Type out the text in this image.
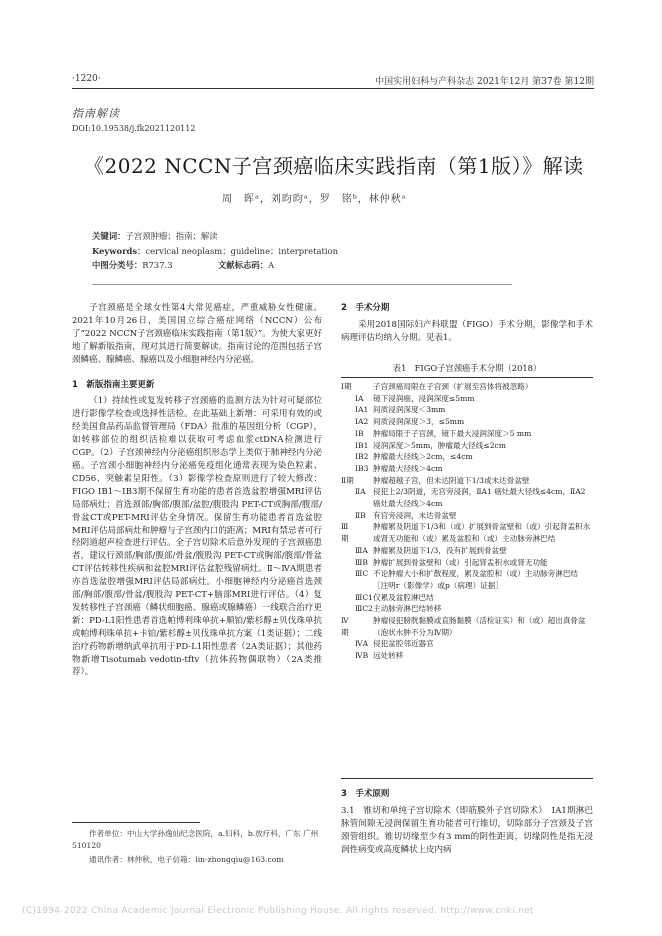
·1220·	中国实用妇科与产科杂志 2021年12月 第37卷 第12期
指南解读
DOI:10.19538/j.fk2021120112
《2022 NCCN子宫颈癌临床实践指南（第1版）》解读
周　晖ᵃ，刘昀昀ᵃ，罗　铭ᵇ，林仲秋ᵃ
关键词：子宫颈肿瘤；指南；解读
Keywords：cervical neoplasm；guideline；interpretation
中图分类号：R737.3	文献标志码：A

子宫颈癌是全球女性第4大常见癌症，严重威胁女性健康。2021年10月26日，美国国立综合癌症网络（NCCN）公布了“2022 NCCN子宫颈癌临床实践指南（第1版）”。为使大家更好地了解新版指南，现对其进行简要解读。指南讨论的范围包括子宫颈鳞癌、腺鳞癌、腺癌以及小细胞神经内分泌癌。

1　新版指南主要更新

（1）持续性或复发转移子宫颈癌的监测方法为针对可疑部位进行影像学检查或选择性活检。在此基础上新增：可采用有效的或经美国食品药品监督管理局（FDA）批准的基因组分析（CGP），如转移部位的组织活检难以获取可考虑血浆ctDNA检测进行CGP。（2）子宫颈神经内分泌癌组织形态学上类似于肺神经内分泌癌。子宫颈小细胞神经内分泌癌免疫组化通常表现为染色粒素、CD56、突触素呈阳性。（3）影像学检查原则进行了较大修改：FIGO ⅠB1～ⅠB3期不保留生育功能的患者首选盆腔增强MRI评估局部病灶；首选颈部/胸部/腹部/盆腔/腹股沟 PET-CT或胸部/腹部/骨盆CT或PET-MRI评估全身情况。保留生育功能患者首选盆腔MRI评估局部病灶和肿瘤与子宫颈内口的距离；MRI有禁忌者可行经阴道超声检查进行评估。全子宫切除术后意外发现的子宫颈癌患者，建议行颈部/胸部/腹部/骨盆/腹股沟 PET-CT或胸部/腹部/骨盆CT评估转移性疾病和盆腔MRI评估盆腔残留病灶。Ⅱ～ⅣA期患者亦首选盆腔增强MRI评估局部病灶。小细胞神经内分泌癌首选颈部/胸部/腹部/骨盆/腹股沟 PET-CT+脑部MRI进行评估。（4）复发转移性子宫颈癌（鳞状细胞癌、腺癌或腺鳞癌）一线联合治疗更新：PD-L1阳性患者首选帕博利珠单抗+顺铂/紫杉醇±贝伐珠单抗或帕博利珠单抗+卡铂/紫杉醇±贝伐珠单抗方案（1类证据）；二线治疗药物新增纳武单抗用于PD-L1阳性患者（2A类证据）；其他药物新增Tisotumab vedotin-tftv（抗体药物偶联物）（2A类推荐）。

作者单位：中山大学孙逸仙纪念医院，a.妇科，b.放疗科，广东 广州 510120
通讯作者：林仲秋，电子信箱：lin-zhongqiu@163.com
2　手术分期

采用2018国际妇产科联盟（FIGO）手术分期，影像学和手术病理评估均纳入分期。见表1。

表1　FIGO子宫颈癌手术分期（2018）
Ⅰ期		子宫颈癌局限在子宫颈（扩展至宫体将被忽略）
	ⅠA	镜下浸润癌，浸润深度≤5mm
	ⅠA1	间质浸润深度＜3mm
	ⅠA2	间质浸润深度＞3，≤5mm
	ⅠB	肿瘤局限于子宫颈，镜下最大浸润深度＞5 mm
	ⅠB1	浸润深度＞5mm，肿瘤最大径线≤2cm
	ⅠB2	肿瘤最大径线＞2cm，≤4cm
	ⅠB3	肿瘤最大径线＞4cm
Ⅱ期		肿瘤超越子宫，但未达阴道下1/3或未达骨盆壁
	ⅡA	侵犯上2/3阴道，无宫旁浸润，ⅡA1 癌灶最大径线≤4cm，ⅡA2 癌灶最大径线＞4cm
	ⅡB	有宫旁浸润，未达骨盆壁
Ⅲ期		肿瘤累及阴道下1/3和（或）扩展到骨盆壁和（或）引起肾盂积水或肾无功能和（或）累及盆腔和（或）主动脉旁淋巴结
	ⅢA	肿瘤累及阴道下1/3，没有扩展到骨盆壁
	ⅢB	肿瘤扩展到骨盆壁和（或）引起肾盂积水或肾无功能
	ⅢC	不论肿瘤大小和扩散程度，累及盆腔和（或）主动脉旁淋巴结［注明r（影像学）或p（病理）证据］
	ⅢC1	仅累及盆腔淋巴结
	ⅢC2	主动脉旁淋巴结转移
Ⅳ期		肿瘤侵犯膀胱黏膜或直肠黏膜（活检证实）和（或）超出真骨盆（泡状水肿不分为Ⅳ期）
	ⅣA	侵犯盆腔邻近器官
	ⅣB	远处转移
3　手术原则

3.1　锥切和单纯子宫切除术（即筋膜外子宫切除术）　ⅠA1期淋巴脉管间隙无浸润保留生育功能者可行锥切，切除部分子宫颈及子宫颈管组织。锥切切缘至少有3 mm的阴性距离，切缘阴性是指无浸润性病变或高度鳞状上皮内病

(C)1994-2022 China Academic Journal Electronic Publishing House. All rights reserved. http://www.cnki.net
